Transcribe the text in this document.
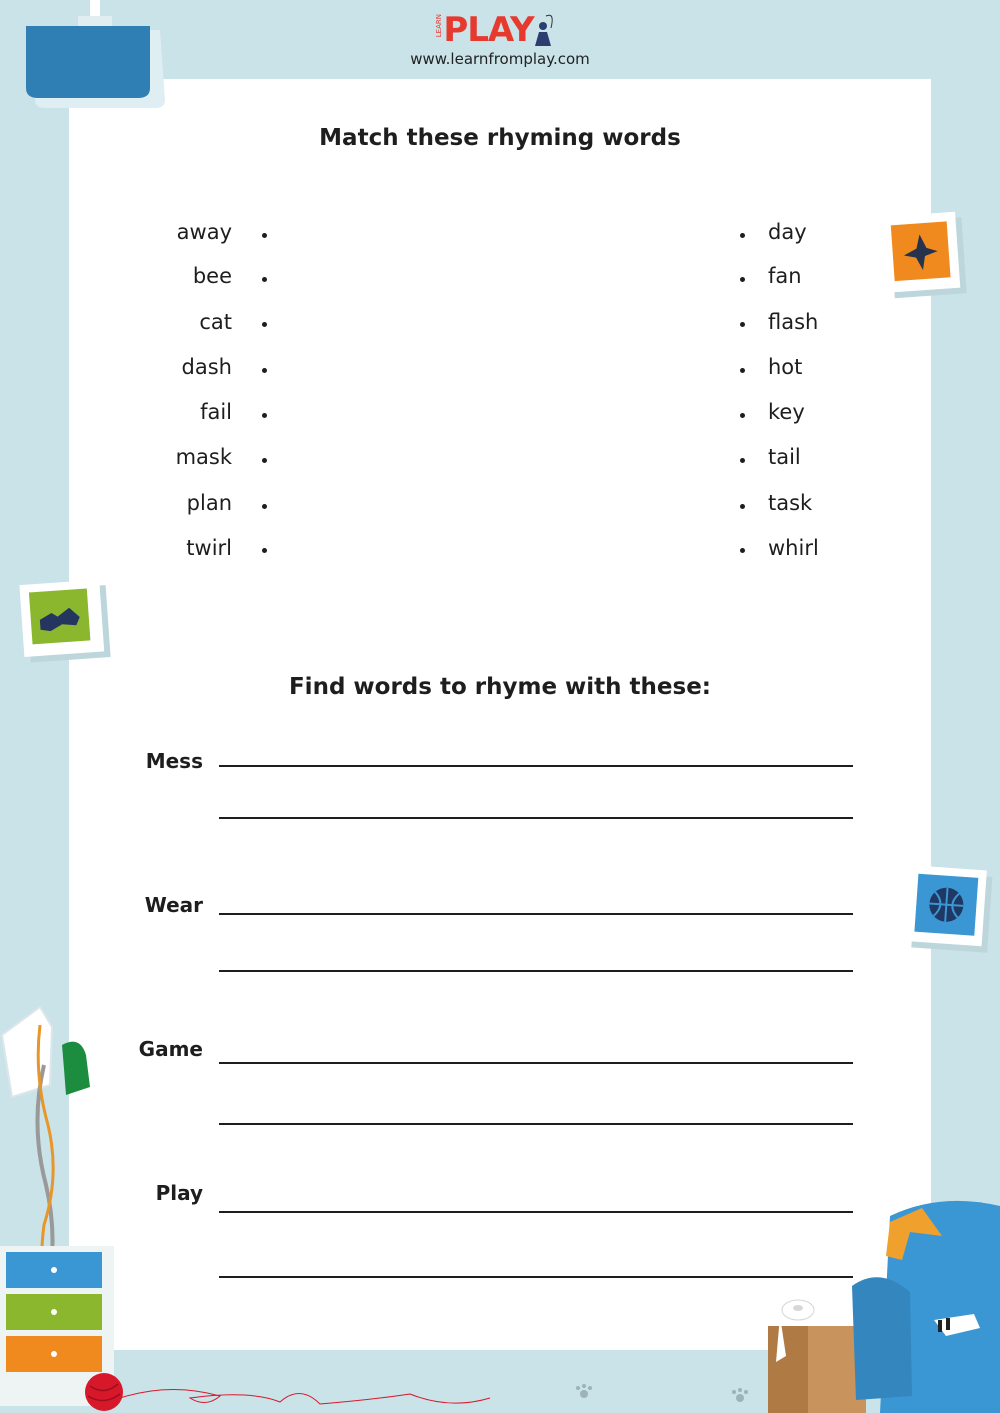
LEARN PLAY
www.learnfromplay.com
Match these rhyming words
away
bee
cat
dash
fail
mask
plan
twirl
day
fan
flash
hot
key
tail
task
whirl
Find words to rhyme with these:
Mess
Wear
Game
Play
